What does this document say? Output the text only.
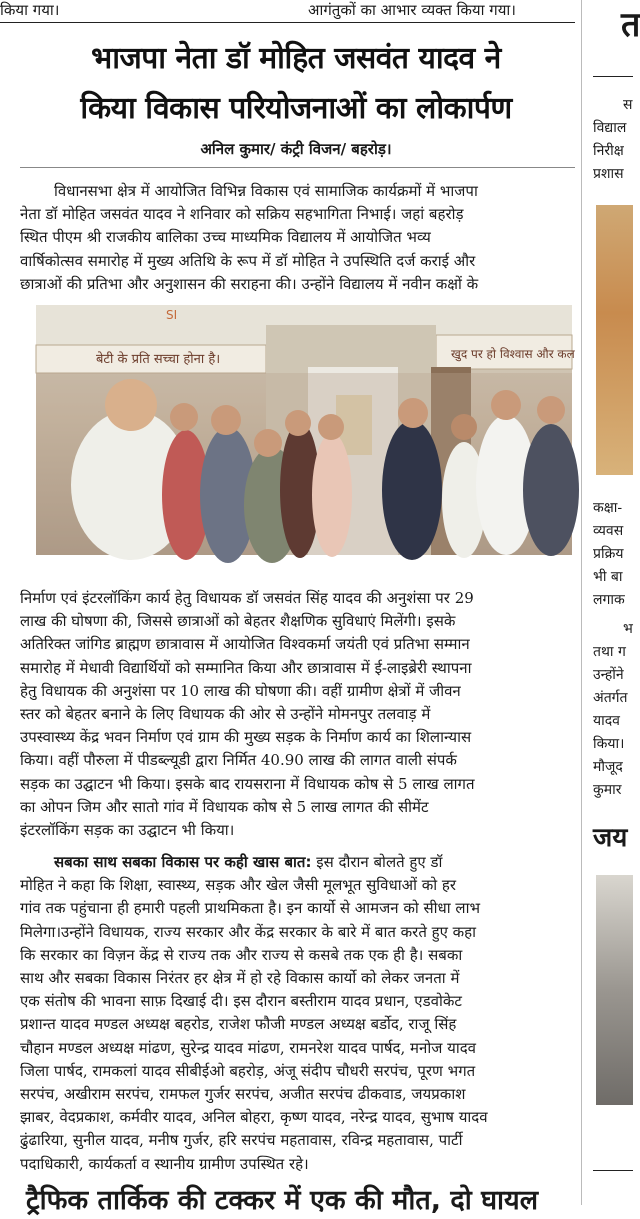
किया गया।	आगंतुकों का आभार व्यक्त किया गया।
भाजपा नेता डॉ मोहित जसवंत यादव ने
किया विकास परियोजनाओं का लोकार्पण
अनिल कुमार/ कंट्री विजन/ बहरोड़।
विधानसभा क्षेत्र में आयोजित विभिन्न विकास एवं सामाजिक कार्यक्रमों में भाजपा
नेता डॉ मोहित जसवंत यादव ने शनिवार को सक्रिय सहभागिता निभाई। जहां बहरोड़
स्थित पीएम श्री राजकीय बालिका उच्च माध्यमिक विद्यालय में आयोजित भव्य
वार्षिकोत्सव समारोह में मुख्य अतिथि के रूप में डॉ मोहित ने उपस्थिति दर्ज कराई और
छात्राओं की प्रतिभा और अनुशासन की सराहना की। उन्होंने विद्यालय में नवीन कक्षों के
बेटी के प्रति सच्चा होना है।	खुद पर हो विश्वास और कल
SI
निर्माण एवं इंटरलॉकिंग कार्य हेतु विधायक डॉ जसवंत सिंह यादव की अनुशंसा पर 29
लाख की घोषणा की, जिससे छात्राओं को बेहतर शैक्षणिक सुविधाएं मिलेंगी। इसके
अतिरिक्त जांगिड ब्राह्मण छात्रावास में आयोजित विश्वकर्मा जयंती एवं प्रतिभा सम्मान
समारोह में मेधावी विद्यार्थियों को सम्मानित किया और छात्रावास में ई-लाइब्रेरी स्थापना
हेतु विधायक की अनुशंसा पर 10 लाख की घोषणा की। वहीं ग्रामीण क्षेत्रों में जीवन
स्तर को बेहतर बनाने के लिए विधायक की ओर से उन्होंने मोमनपुर तलवाड़ में
उपस्वास्थ्य केंद्र भवन निर्माण एवं ग्राम की मुख्य सड़क के निर्माण कार्य का शिलान्यास
किया। वहीं पौरुला में पीडब्ल्यूडी द्वारा निर्मित 40.90 लाख की लागत वाली संपर्क
सड़क का उद्घाटन भी किया। इसके बाद रायसराना में विधायक कोष से 5 लाख लागत
का ओपन जिम और सातो गांव में विधायक कोष से 5 लाख लागत की सीमेंट
इंटरलॉकिंग सड़क का उद्घाटन भी किया।
सबका साथ सबका विकास पर कही खास बात: इस दौरान बोलते हुए डॉ
मोहित ने कहा कि शिक्षा, स्वास्थ्य, सड़क और खेल जैसी मूलभूत सुविधाओं को हर
गांव तक पहुंचाना ही हमारी पहली प्राथमिकता है। इन कार्यो से आमजन को सीधा लाभ
मिलेगा।उन्होंने विधायक, राज्य सरकार और केंद्र सरकार के बारे में बात करते हुए कहा
कि सरकार का विज़न केंद्र से राज्य तक और राज्य से कसबे तक एक ही है। सबका
साथ और सबका विकास निरंतर हर क्षेत्र में हो रहे विकास कार्यो को लेकर जनता में
एक संतोष की भावना साफ़ दिखाई दी। इस दौरान बस्तीराम यादव प्रधान, एडवोकेट
प्रशान्त यादव मण्डल अध्यक्ष बहरोड, राजेश फौजी मण्डल अध्यक्ष बर्डोद, राजू सिंह
चौहान मण्डल अध्यक्ष मांढण, सुरेन्द्र यादव मांढण, रामनरेश यादव पार्षद, मनोज यादव
जिला पार्षद, रामकलां यादव सीबीईओ बहरोड़, अंजू संदीप चौधरी सरपंच, पूरण भगत
सरपंच, अखीराम सरपंच, रामफल गुर्जर सरपंच, अजीत सरपंच ढीकवाड, जयप्रकाश
झाबर, वेदप्रकाश, कर्मवीर यादव, अनिल बोहरा, कृष्ण यादव, नरेन्द्र यादव, सुभाष यादव
ढुंढारिया, सुनील यादव, मनीष गुर्जर, हरि सरपंच महतावास, रविन्द्र महतावास, पार्टी
पदाधिकारी, कार्यकर्ता व स्थानीय ग्रामीण उपस्थित रहे।
त
स
विद्याल
निरीक्ष
प्रशास
कक्षा-
व्यवस
प्रक्रिय
भी बा
लगाक
भ
तथा ग
उन्होंने
अंतर्गत
यादव
किया।
मौजूद
कुमार
जय
ट्रैफिक तार्किक की टक्कर में एक की मौत, दो घायल
